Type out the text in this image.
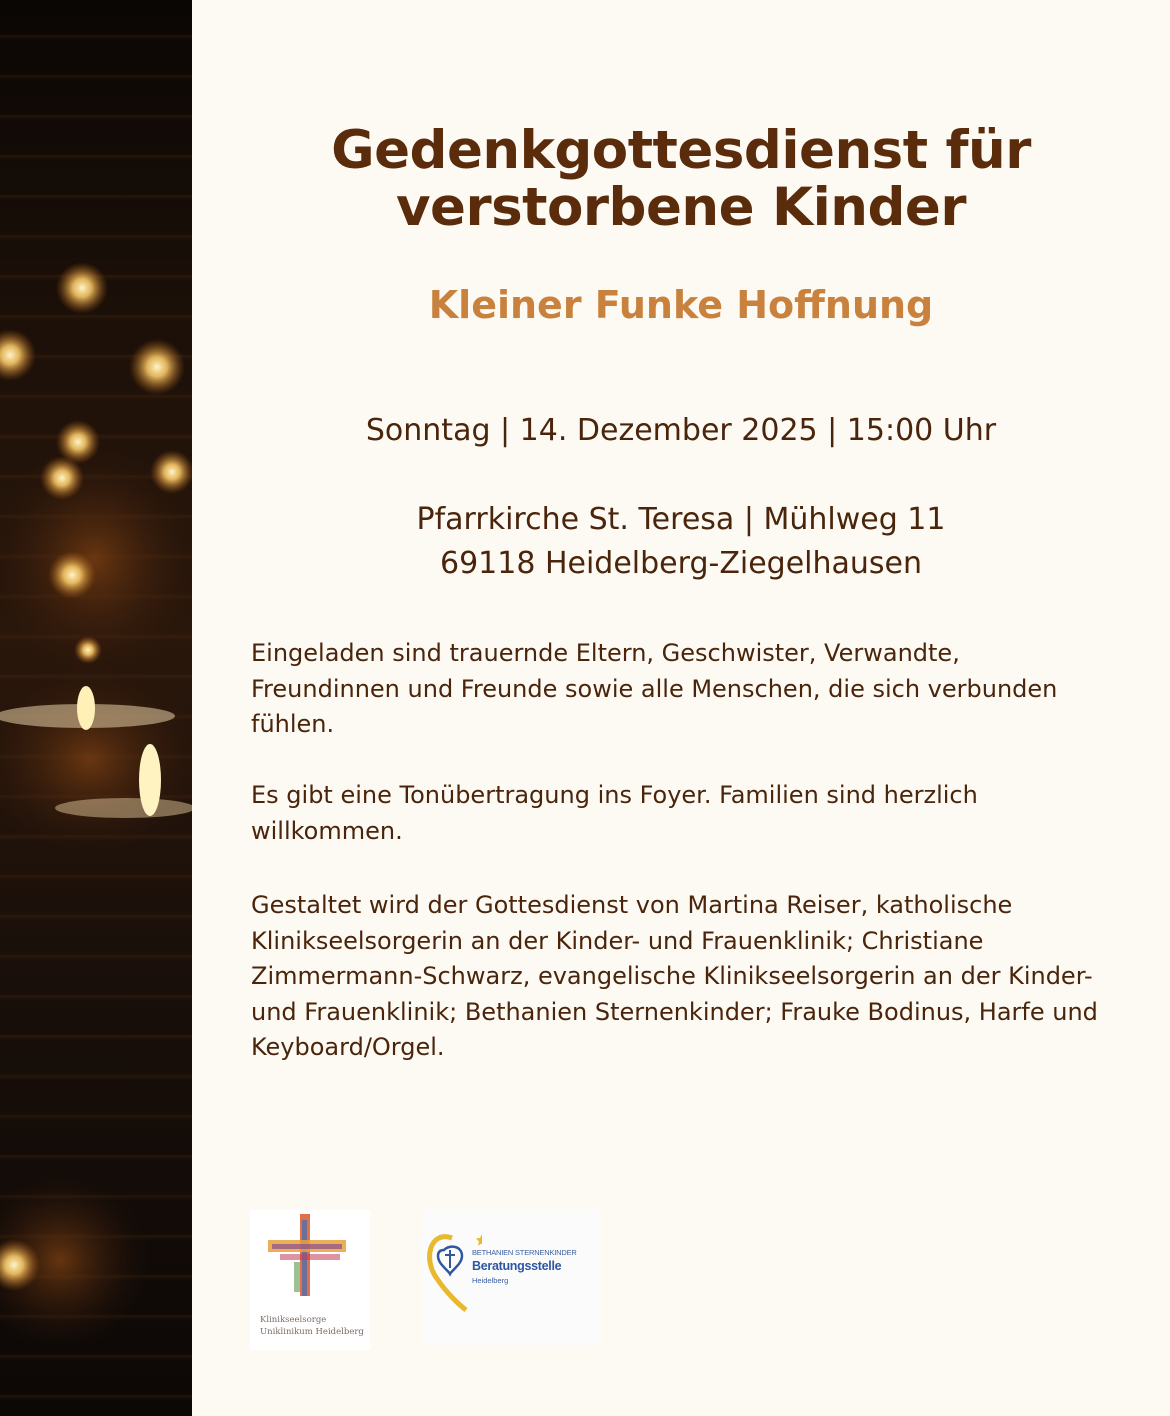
Gedenkgottesdienst für
verstorbene Kinder
Kleiner Funke Hoffnung
Sonntag | 14. Dezember 2025 | 15:00 Uhr
Pfarrkirche St. Teresa | Mühlweg 11
69118 Heidelberg-Ziegelhausen

Eingeladen sind trauernde Eltern, Geschwister, Verwandte, Freundinnen und Freunde sowie alle Menschen, die sich verbunden fühlen.

Es gibt eine Tonübertragung ins Foyer. Familien sind herzlich willkommen.

Gestaltet wird der Gottesdienst von Martina Reiser, katholische Klinikseelsorgerin an der Kinder- und Frauenklinik; Christiane Zimmermann-Schwarz, evangelische Klinikseelsorgerin an der Kinder- und Frauenklinik; Bethanien Sternenkinder; Frauke Bodinus, Harfe und Keyboard/Orgel.

Klinikseelsorge
Uniklinikum Heidelberg
BETHANIEN STERNENKINDER
Beratungsstelle
Heidelberg
